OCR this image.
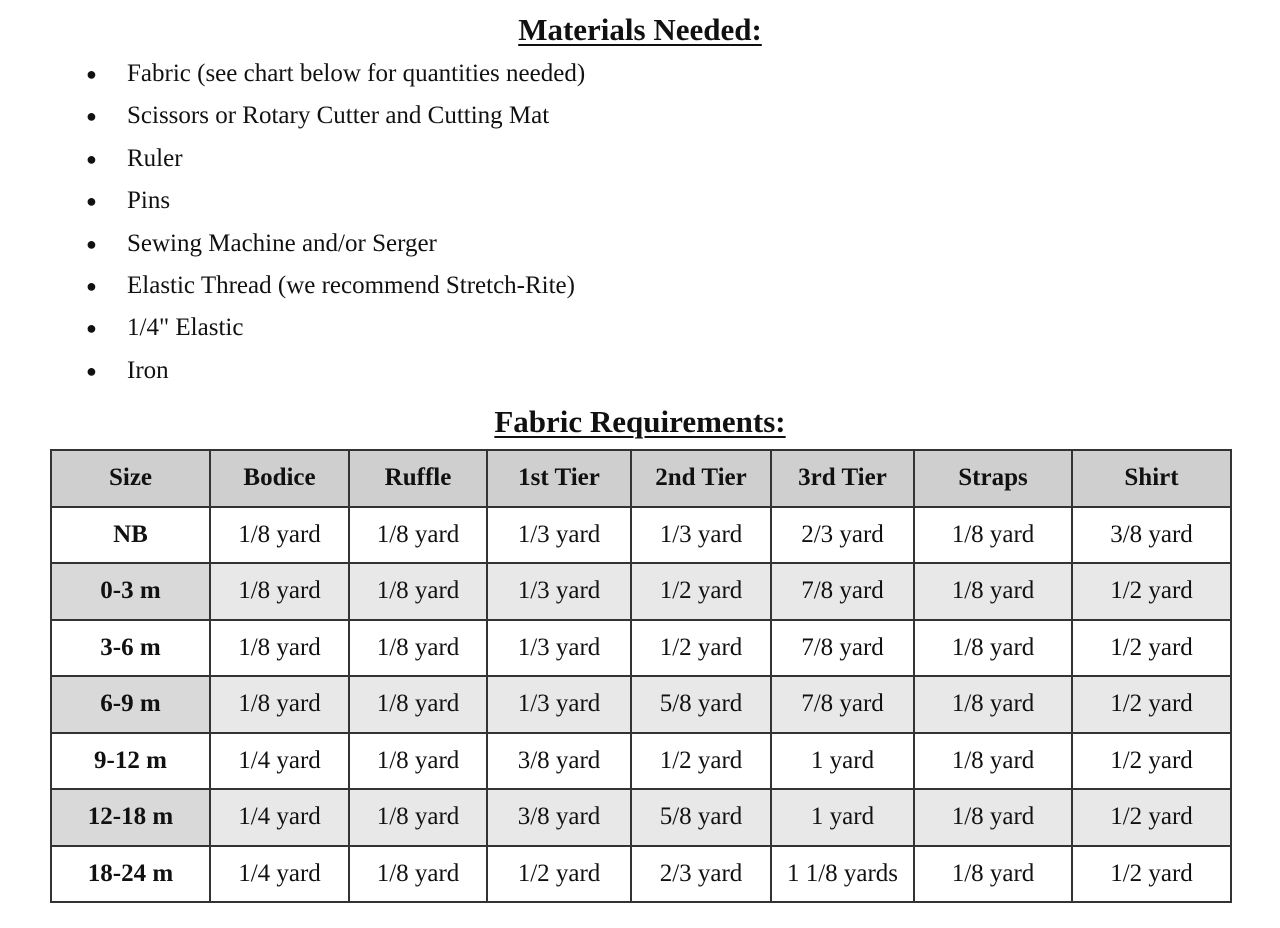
Materials Needed:
● Fabric (see chart below for quantities needed)
● Scissors or Rotary Cutter and Cutting Mat
● Ruler
● Pins
● Sewing Machine and/or Serger
● Elastic Thread (we recommend Stretch-Rite)
● 1/4" Elastic
● Iron
Fabric Requirements:
Size	Bodice	Ruffle	1st Tier	2nd Tier	3rd Tier	Straps	Shirt
NB	1/8 yard	1/8 yard	1/3 yard	1/3 yard	2/3 yard	1/8 yard	3/8 yard
0-3 m	1/8 yard	1/8 yard	1/3 yard	1/2 yard	7/8 yard	1/8 yard	1/2 yard
3-6 m	1/8 yard	1/8 yard	1/3 yard	1/2 yard	7/8 yard	1/8 yard	1/2 yard
6-9 m	1/8 yard	1/8 yard	1/3 yard	5/8 yard	7/8 yard	1/8 yard	1/2 yard
9-12 m	1/4 yard	1/8 yard	3/8 yard	1/2 yard	1 yard	1/8 yard	1/2 yard
12-18 m	1/4 yard	1/8 yard	3/8 yard	5/8 yard	1 yard	1/8 yard	1/2 yard
18-24 m	1/4 yard	1/8 yard	1/2 yard	2/3 yard	1 1/8 yards	1/8 yard	1/2 yard
